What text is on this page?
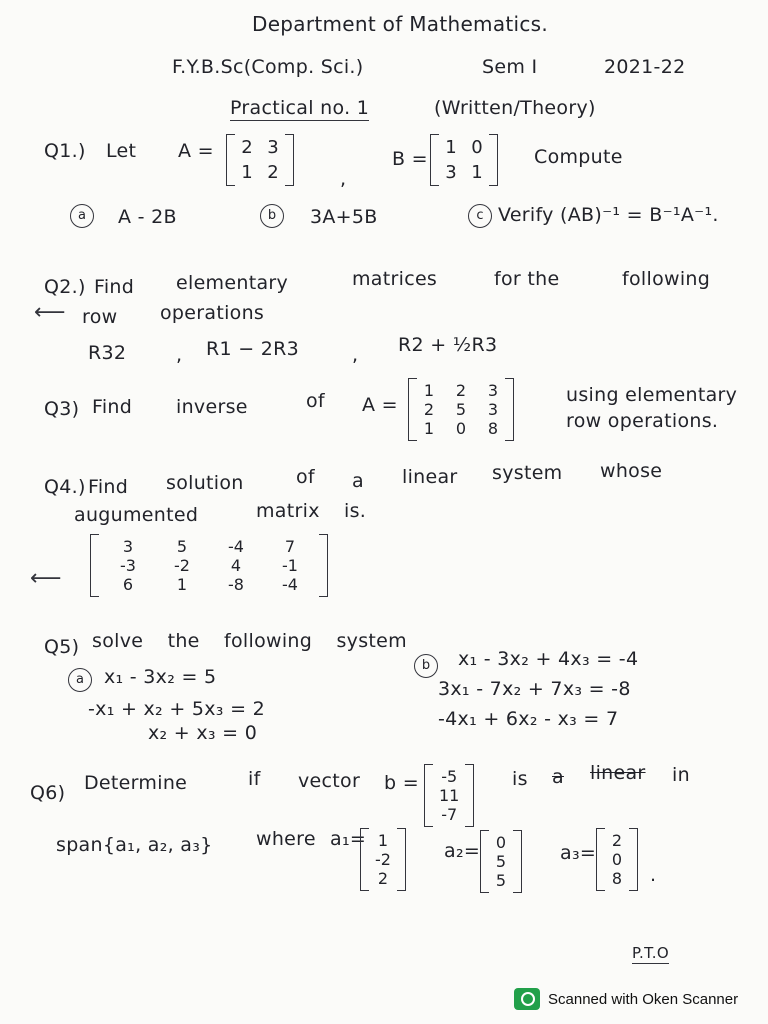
Department of Mathematics.
F.Y.B.Sc(Comp. Sci.)	Sem I	2021-22
Practical no. 1	(Written/Theory)
Q1.) Let A = 2 3
1 2	,
B =
1 0
3 1
Compute
a	A - 2B	b	3A+5B	c Verify (AB)⁻¹ = B⁻¹A⁻¹.
Q2.) Find elementary	matrices	for the	following
⟵ row operations
R32	, R1 − 2R3	, R2 + ½R3
Q3) Find inverse	of A =
1 2 3
2 5 3
1 0 8
using elementary
row operations.
Q4.) Find solution	of a linear system whose
augumented	matrix is.
⟵
3	5	-4	7
-3	-2	4	-1
6	1	-8	-4
Q5) solve the following system
a	x₁ - 3x₂ = 5
-x₁ + x₂ + 5x₃ = 2
x₂ + x₃ = 0
b	x₁ - 3x₂ + 4x₃ = -4
3x₁ - 7x₂ + 7x₃ = -8
-4x₁ + 6x₂ - x₃ = 7
Q6) Determine	if vector b = -5
11
-7
is a linear in
span{a₁, a₂, a₃} where a₁= 1
-2
2
a₂= 0
5
5
a₃=
2
0
8 .
P.T.O
Scanned with Oken Scanner
